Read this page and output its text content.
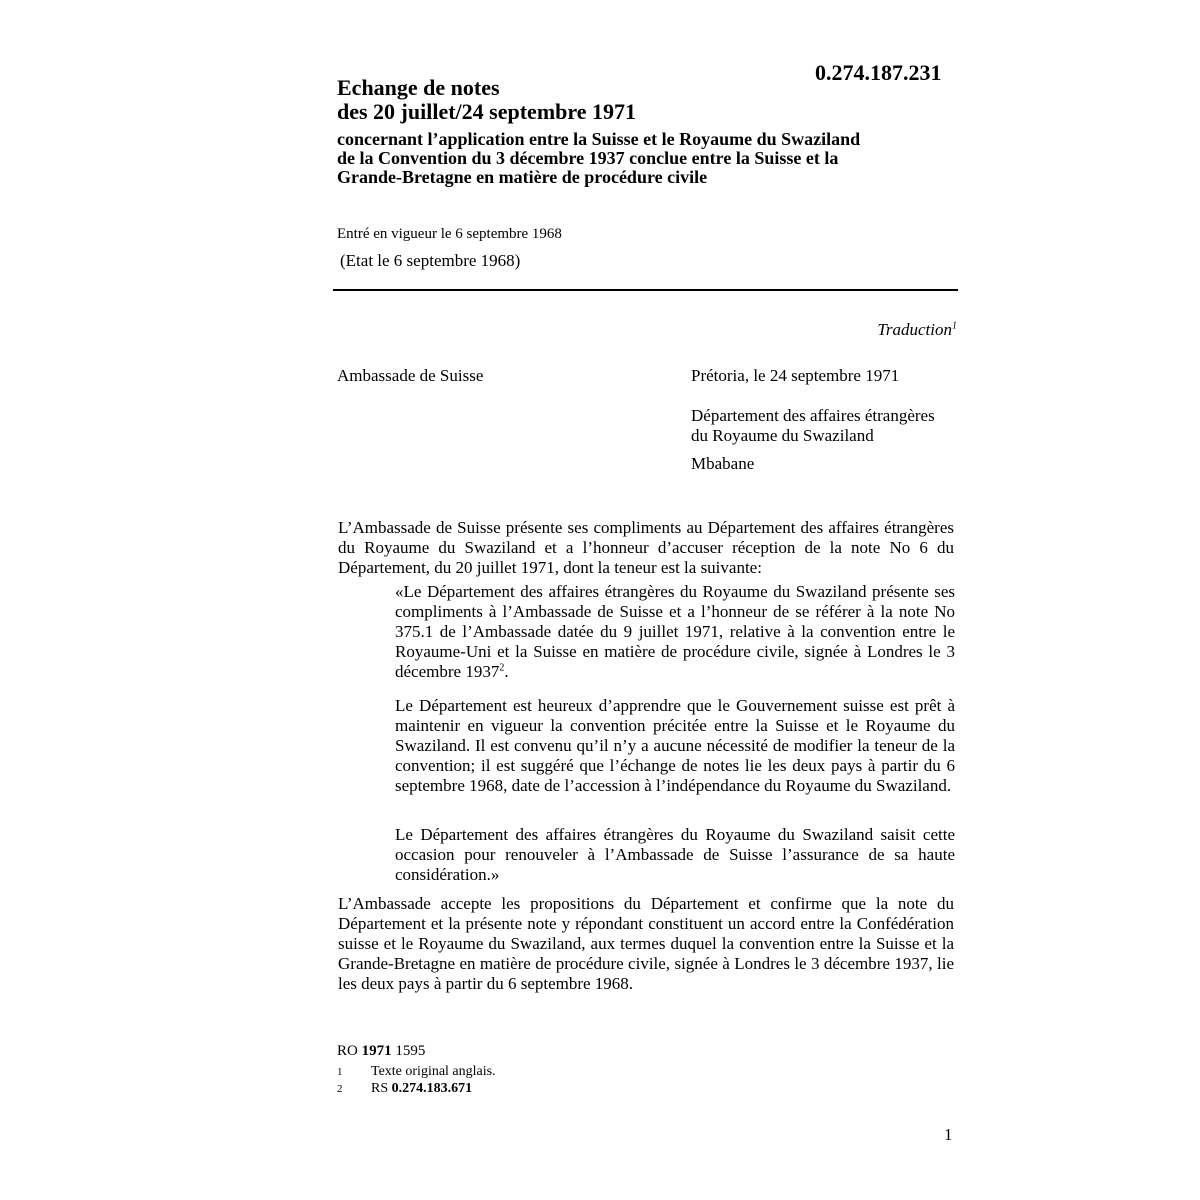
0.274.187.231
Echange de notes
des 20 juillet/24 septembre 1971
concernant l’application entre la Suisse et le Royaume du Swaziland
de la Convention du 3 décembre 1937 conclue entre la Suisse et la
Grande-Bretagne en matière de procédure civile
Entré en vigueur le 6 septembre 1968
(Etat le 6 septembre 1968)
Traduction$^1$
Ambassade de Suisse	Prétoria, le 24 septembre 1971
Département des affaires étrangères
du Royaume du Swaziland
Mbabane

L’Ambassade de Suisse présente ses compliments au Département des affaires étrangères du Royaume du Swaziland et a l’honneur d’accuser réception de la note No 6 du Département, du 20 juillet 1971, dont la teneur est la suivante:

«Le Département des affaires étrangères du Royaume du Swaziland présente ses compliments à l’Ambassade de Suisse et a l’honneur de se référer à la note No 375.1 de l’Ambassade datée du 9 juillet 1971, relative à la convention entre le Royaume-Uni et la Suisse en matière de procédure civile, signée à Londres le 3 décembre 1937$^2$.

Le Département est heureux d’apprendre que le Gouvernement suisse est prêt à maintenir en vigueur la convention précitée entre la Suisse et le Royaume du Swaziland. Il est convenu qu’il n’y a aucune nécessité de modifier la teneur de la convention; il est suggéré que l’échange de notes lie les deux pays à partir du 6 septembre 1968, date de l’accession à l’indépendance du Royaume du Swaziland.

Le Département des affaires étrangères du Royaume du Swaziland saisit cette occasion pour renouveler à l’Ambassade de Suisse l’assurance de sa haute considération.»

L’Ambassade accepte les propositions du Département et confirme que la note du Département et la présente note y répondant constituent un accord entre la Confédération suisse et le Royaume du Swaziland, aux termes duquel la convention entre la Suisse et la Grande-Bretagne en matière de procédure civile, signée à Londres le 3 décembre 1937, lie les deux pays à partir du 6 septembre 1968.

RO 1971 1595
1 Texte original anglais.
2 RS 0.274.183.671
1
